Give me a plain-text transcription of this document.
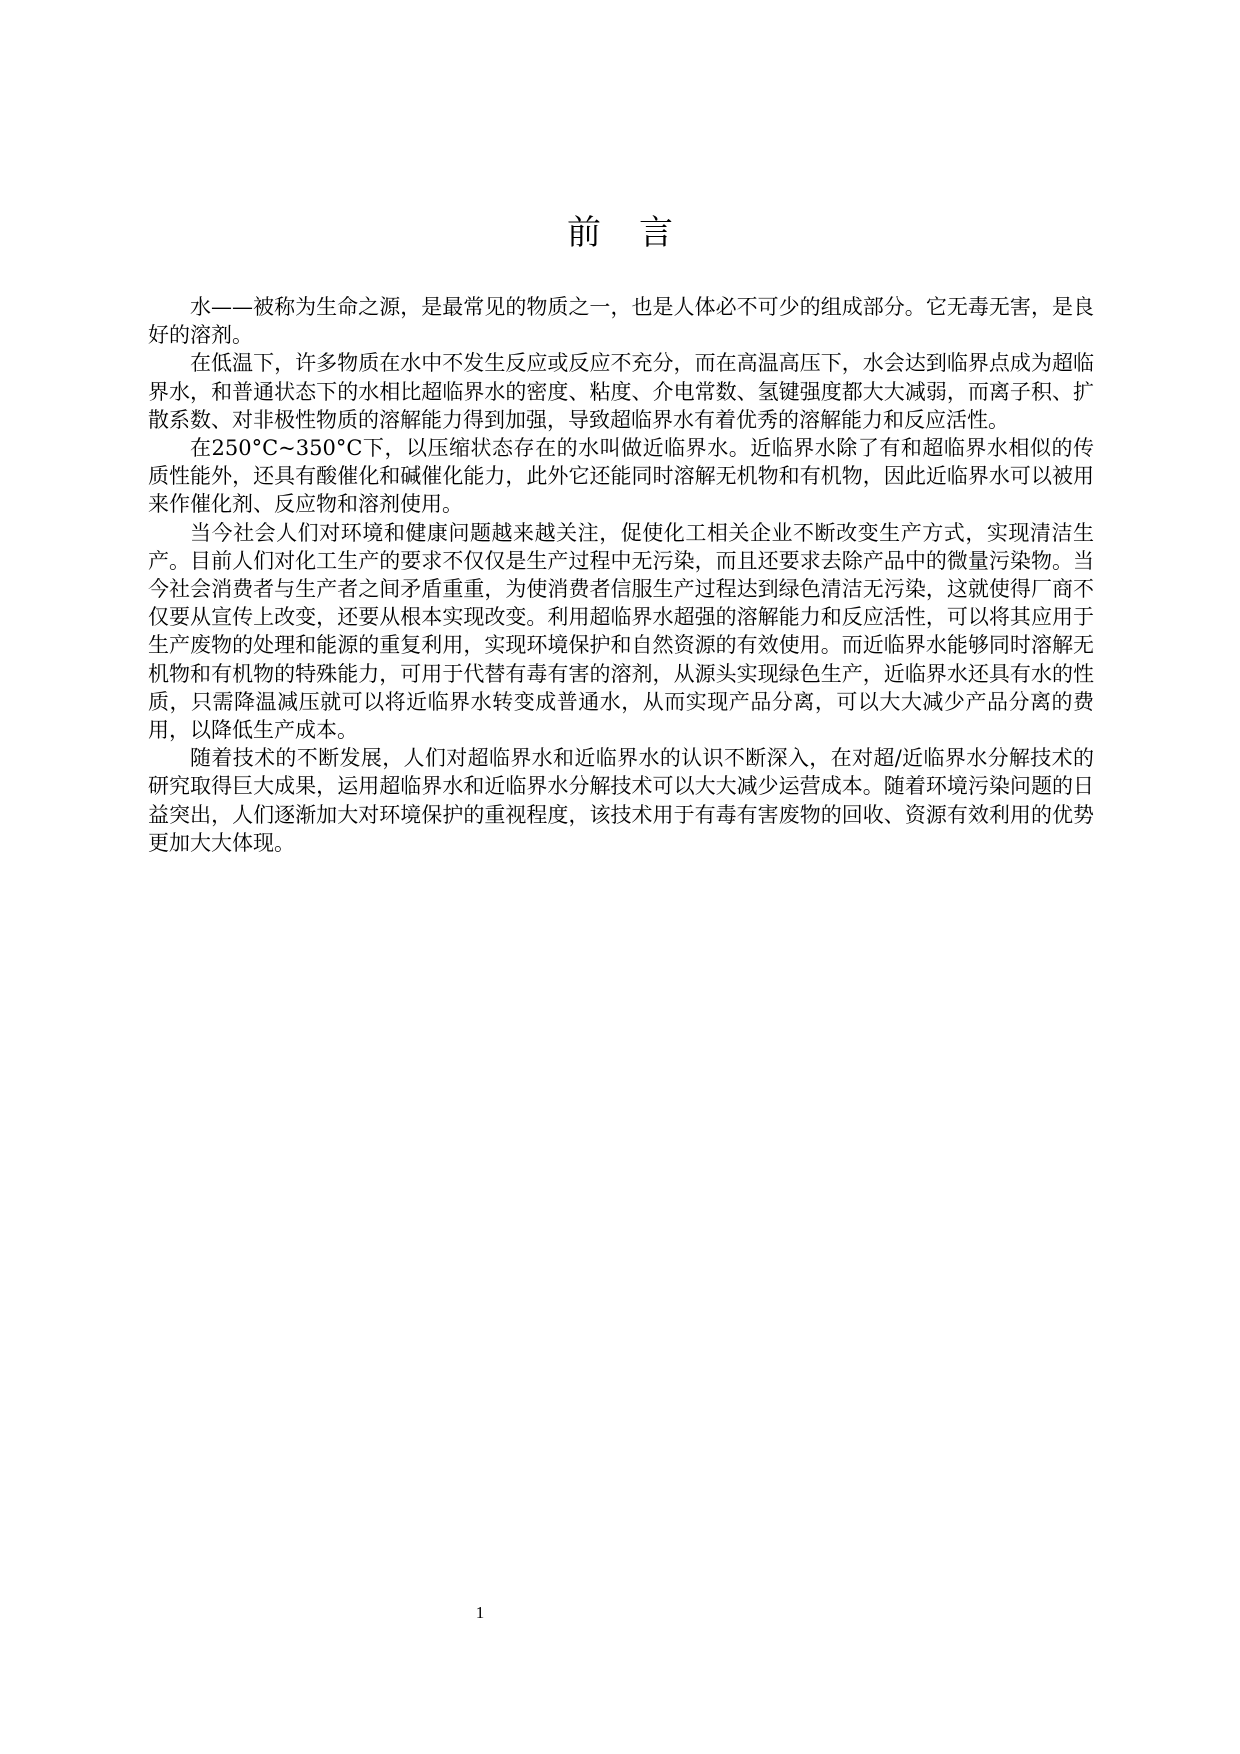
前言

水——被称为生命之源，是最常见的物质之一，也是人体必不可少的组成部分。它无毒无害，是良好的溶剂。

在低温下，许多物质在水中不发生反应或反应不充分，而在高温高压下，水会达到临界点成为超临界水，和普通状态下的水相比超临界水的密度、粘度、介电常数、氢键强度都大大减弱，而离子积、扩散系数、对非极性物质的溶解能力得到加强，导致超临界水有着优秀的溶解能力和反应活性。

在250°C~350°C下，以压缩状态存在的水叫做近临界水。近临界水除了有和超临界水相似的传质性能外，还具有酸催化和碱催化能力，此外它还能同时溶解无机物和有机物，因此近临界水可以被用来作催化剂、反应物和溶剂使用。

当今社会人们对环境和健康问题越来越关注，促使化工相关企业不断改变生产方式，实现清洁生产。目前人们对化工生产的要求不仅仅是生产过程中无污染，而且还要求去除产品中的微量污染物。当今社会消费者与生产者之间矛盾重重，为使消费者信服生产过程达到绿色清洁无污染，这就使得厂商不仅要从宣传上改变，还要从根本实现改变。利用超临界水超强的溶解能力和反应活性，可以将其应用于生产废物的处理和能源的重复利用，实现环境保护和自然资源的有效使用。而近临界水能够同时溶解无机物和有机物的特殊能力，可用于代替有毒有害的溶剂，从源头实现绿色生产，近临界水还具有水的性质，只需降温减压就可以将近临界水转变成普通水，从而实现产品分离，可以大大减少产品分离的费用，以降低生产成本。

随着技术的不断发展，人们对超临界水和近临界水的认识不断深入，在对超/近临界水分解技术的研究取得巨大成果，运用超临界水和近临界水分解技术可以大大减少运营成本。随着环境污染问题的日益突出，人们逐渐加大对环境保护的重视程度，该技术用于有毒有害废物的回收、资源有效利用的优势更加大大体现。

1
